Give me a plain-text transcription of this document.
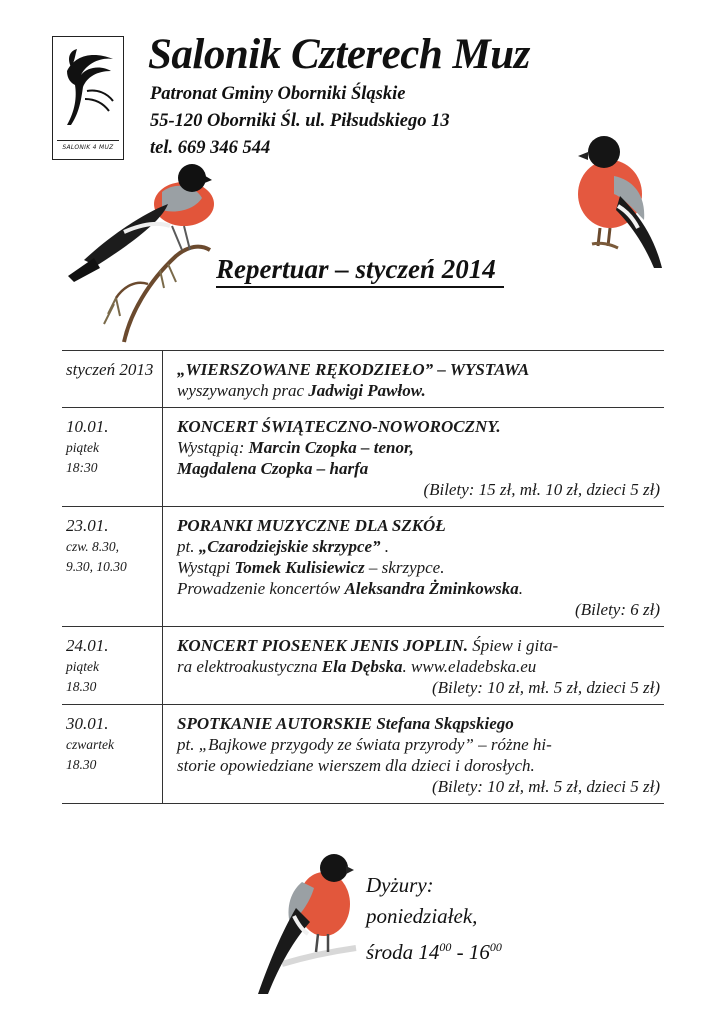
SALONIK 4 MUZ
Salonik Czterech Muz
Patronat Gminy Oborniki Śląskie
55-120 Oborniki Śl. ul. Piłsudskiego 13
tel. 669 346 544
Repertuar – styczeń 2014
styczeń 2013	„WIERSZOWANE RĘKODZIEŁO” – WYSTAWA
wyszywanych prac Jadwigi Pawłow.

10.01.
piątek
18:30	KONCERT ŚWIĄTECZNO-NOWOROCZNY.
Wystąpią: Marcin Czopka – tenor,
Magdalena Czopka – harfa
(Bilety: 15 zł, mł. 10 zł, dzieci 5 zł)

23.01.
czw. 8.30,
9.30, 10.30	PORANKI MUZYCZNE DLA SZKÓŁ
pt. „Czarodziejskie skrzypce” .
Wystąpi Tomek Kulisiewicz – skrzypce.
Prowadzenie koncertów Aleksandra Żminkowska.
(Bilety: 6 zł)

24.01.
piątek
18.30	KONCERT PIOSENEK JENIS JOPLIN. Śpiew i gita-
ra elektroakustyczna Ela Dębska. www.eladebska.eu
(Bilety: 10 zł, mł. 5 zł, dzieci 5 zł)

30.01.
czwartek
18.30	SPOTKANIE AUTORSKIE Stefana Skąpskiego
pt. „Bajkowe przygody ze świata przyrody” – różne hi-
storie opowiedziane wierszem dla dzieci i dorosłych.
(Bilety: 10 zł, mł. 5 zł, dzieci 5 zł)
Dyżury:
poniedziałek,
środa $14^{00} - 16^{00}$
